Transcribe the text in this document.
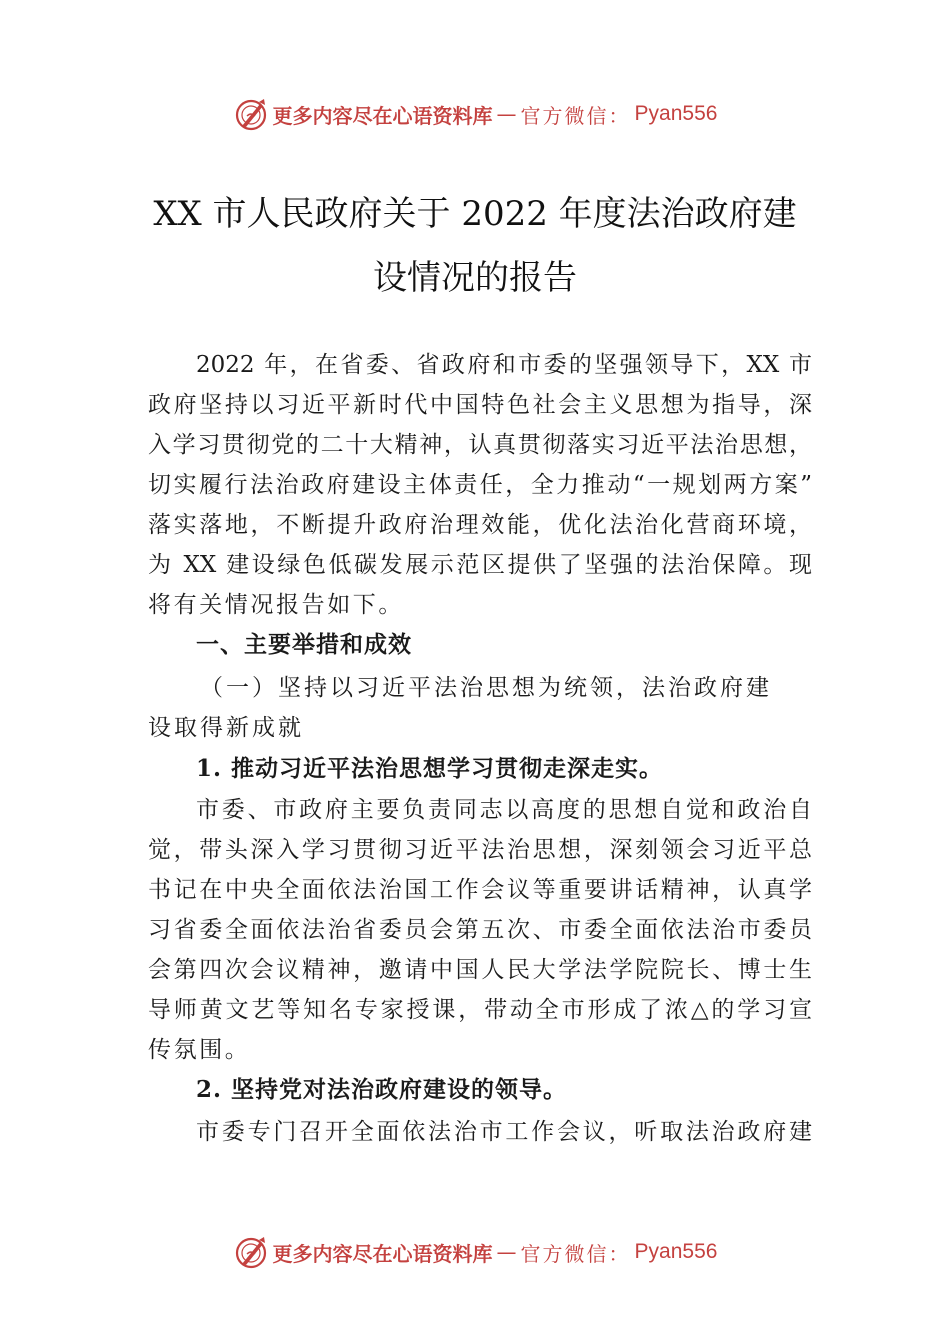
更多内容尽在心语资料库 — 官方微信： Pyan556
XX 市人民政府关于 2022 年度法治政府建
设情况的报告
2022 年，在省委、省政府和市委的坚强领导下，XX 市
政府坚持以习近平新时代中国特色社会主义思想为指导，深
入学习贯彻党的二十大精神，认真贯彻落实习近平法治思想，
切实履行法治政府建设主体责任，全力推动“一规划两方案”
落实落地，不断提升政府治理效能，优化法治化营商环境，
为 XX 建设绿色低碳发展示范区提供了坚强的法治保障。现
将有关情况报告如下。
一、主要举措和成效
（一）坚持以习近平法治思想为统领，法治政府建
设取得新成就
1. 推动习近平法治思想学习贯彻走深走实。
市委、市政府主要负责同志以高度的思想自觉和政治自
觉，带头深入学习贯彻习近平法治思想，深刻领会习近平总
书记在中央全面依法治国工作会议等重要讲话精神，认真学
习省委全面依法治省委员会第五次、市委全面依法治市委员
会第四次会议精神，邀请中国人民大学法学院院长、博士生
导师黄文艺等知名专家授课，带动全市形成了浓△的学习宣
传氛围。
2. 坚持党对法治政府建设的领导。
市委专门召开全面依法治市工作会议，听取法治政府建
更多内容尽在心语资料库 — 官方微信： Pyan556
